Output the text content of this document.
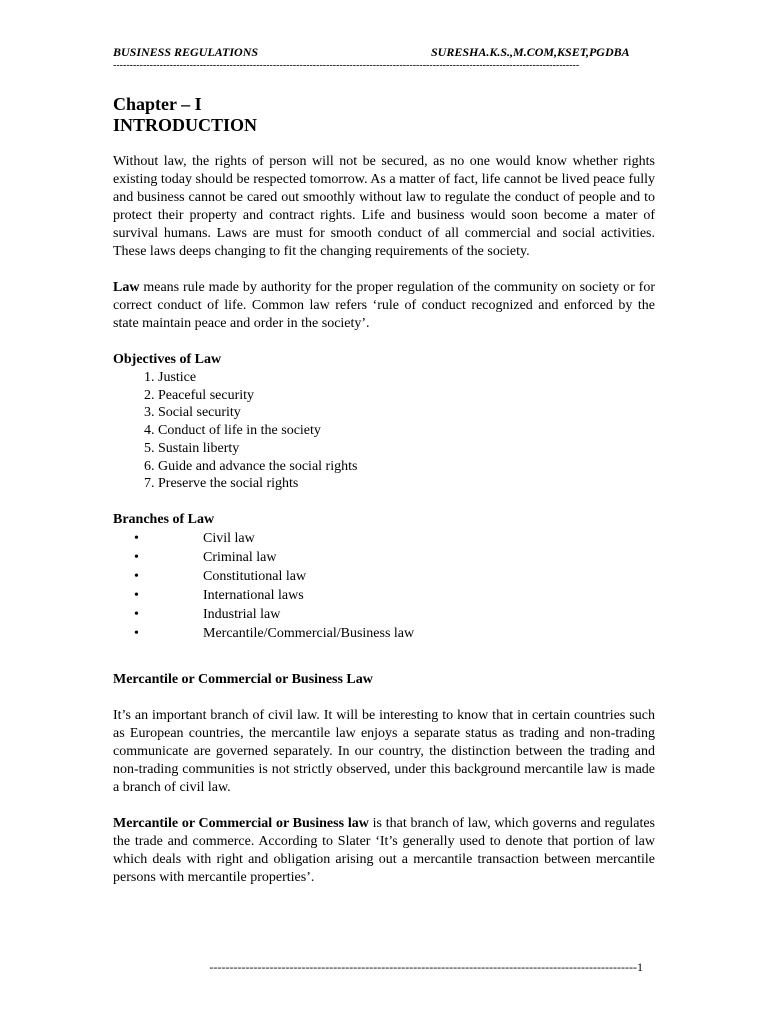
BUSINESS REGULATIONS	SURESHA.K.S.,M.COM,KSET,PGDBA
--------------------------------------------------------------------------------------------------------------------------------------------
Chapter – I
INTRODUCTION

Without law, the rights of person will not be secured, as no one would know whether rights existing today should be respected tomorrow. As a matter of fact, life cannot be lived peace fully and business cannot be cared out smoothly without law to regulate the conduct of people and to protect their property and contract rights. Life and business would soon become a mater of survival humans. Laws are must for smooth conduct of all commercial and social activities. These laws deeps changing to fit the changing requirements of the society.

Law means rule made by authority for the proper regulation of the community on society or for correct conduct of life. Common law refers ‘rule of conduct recognized and enforced by the state maintain peace and order in the society’.

Objectives of Law
1. Justice
2. Peaceful security
3. Social security
4. Conduct of life in the society
5. Sustain liberty
6. Guide and advance the social rights
7. Preserve the social rights
Branches of Law
•	Civil law
•	Criminal law
•	Constitutional law
•	International laws
•	Industrial law
•	Mercantile/Commercial/Business law
Mercantile or Commercial or Business Law

It’s an important branch of civil law. It will be interesting to know that in certain countries such as European countries, the mercantile law enjoys a separate status as trading and non-trading communicate are governed separately. In our country, the distinction between the trading and non-trading communities is not strictly observed, under this background mercantile law is made a branch of civil law.

Mercantile or Commercial or Business law is that branch of law, which governs and regulates the trade and commerce. According to Slater ‘It’s generally used to denote that portion of law which deals with right and obligation arising out a mercantile transaction between mercantile persons with mercantile properties’.

-----------------------------------------------------------------------------------------------------------1
